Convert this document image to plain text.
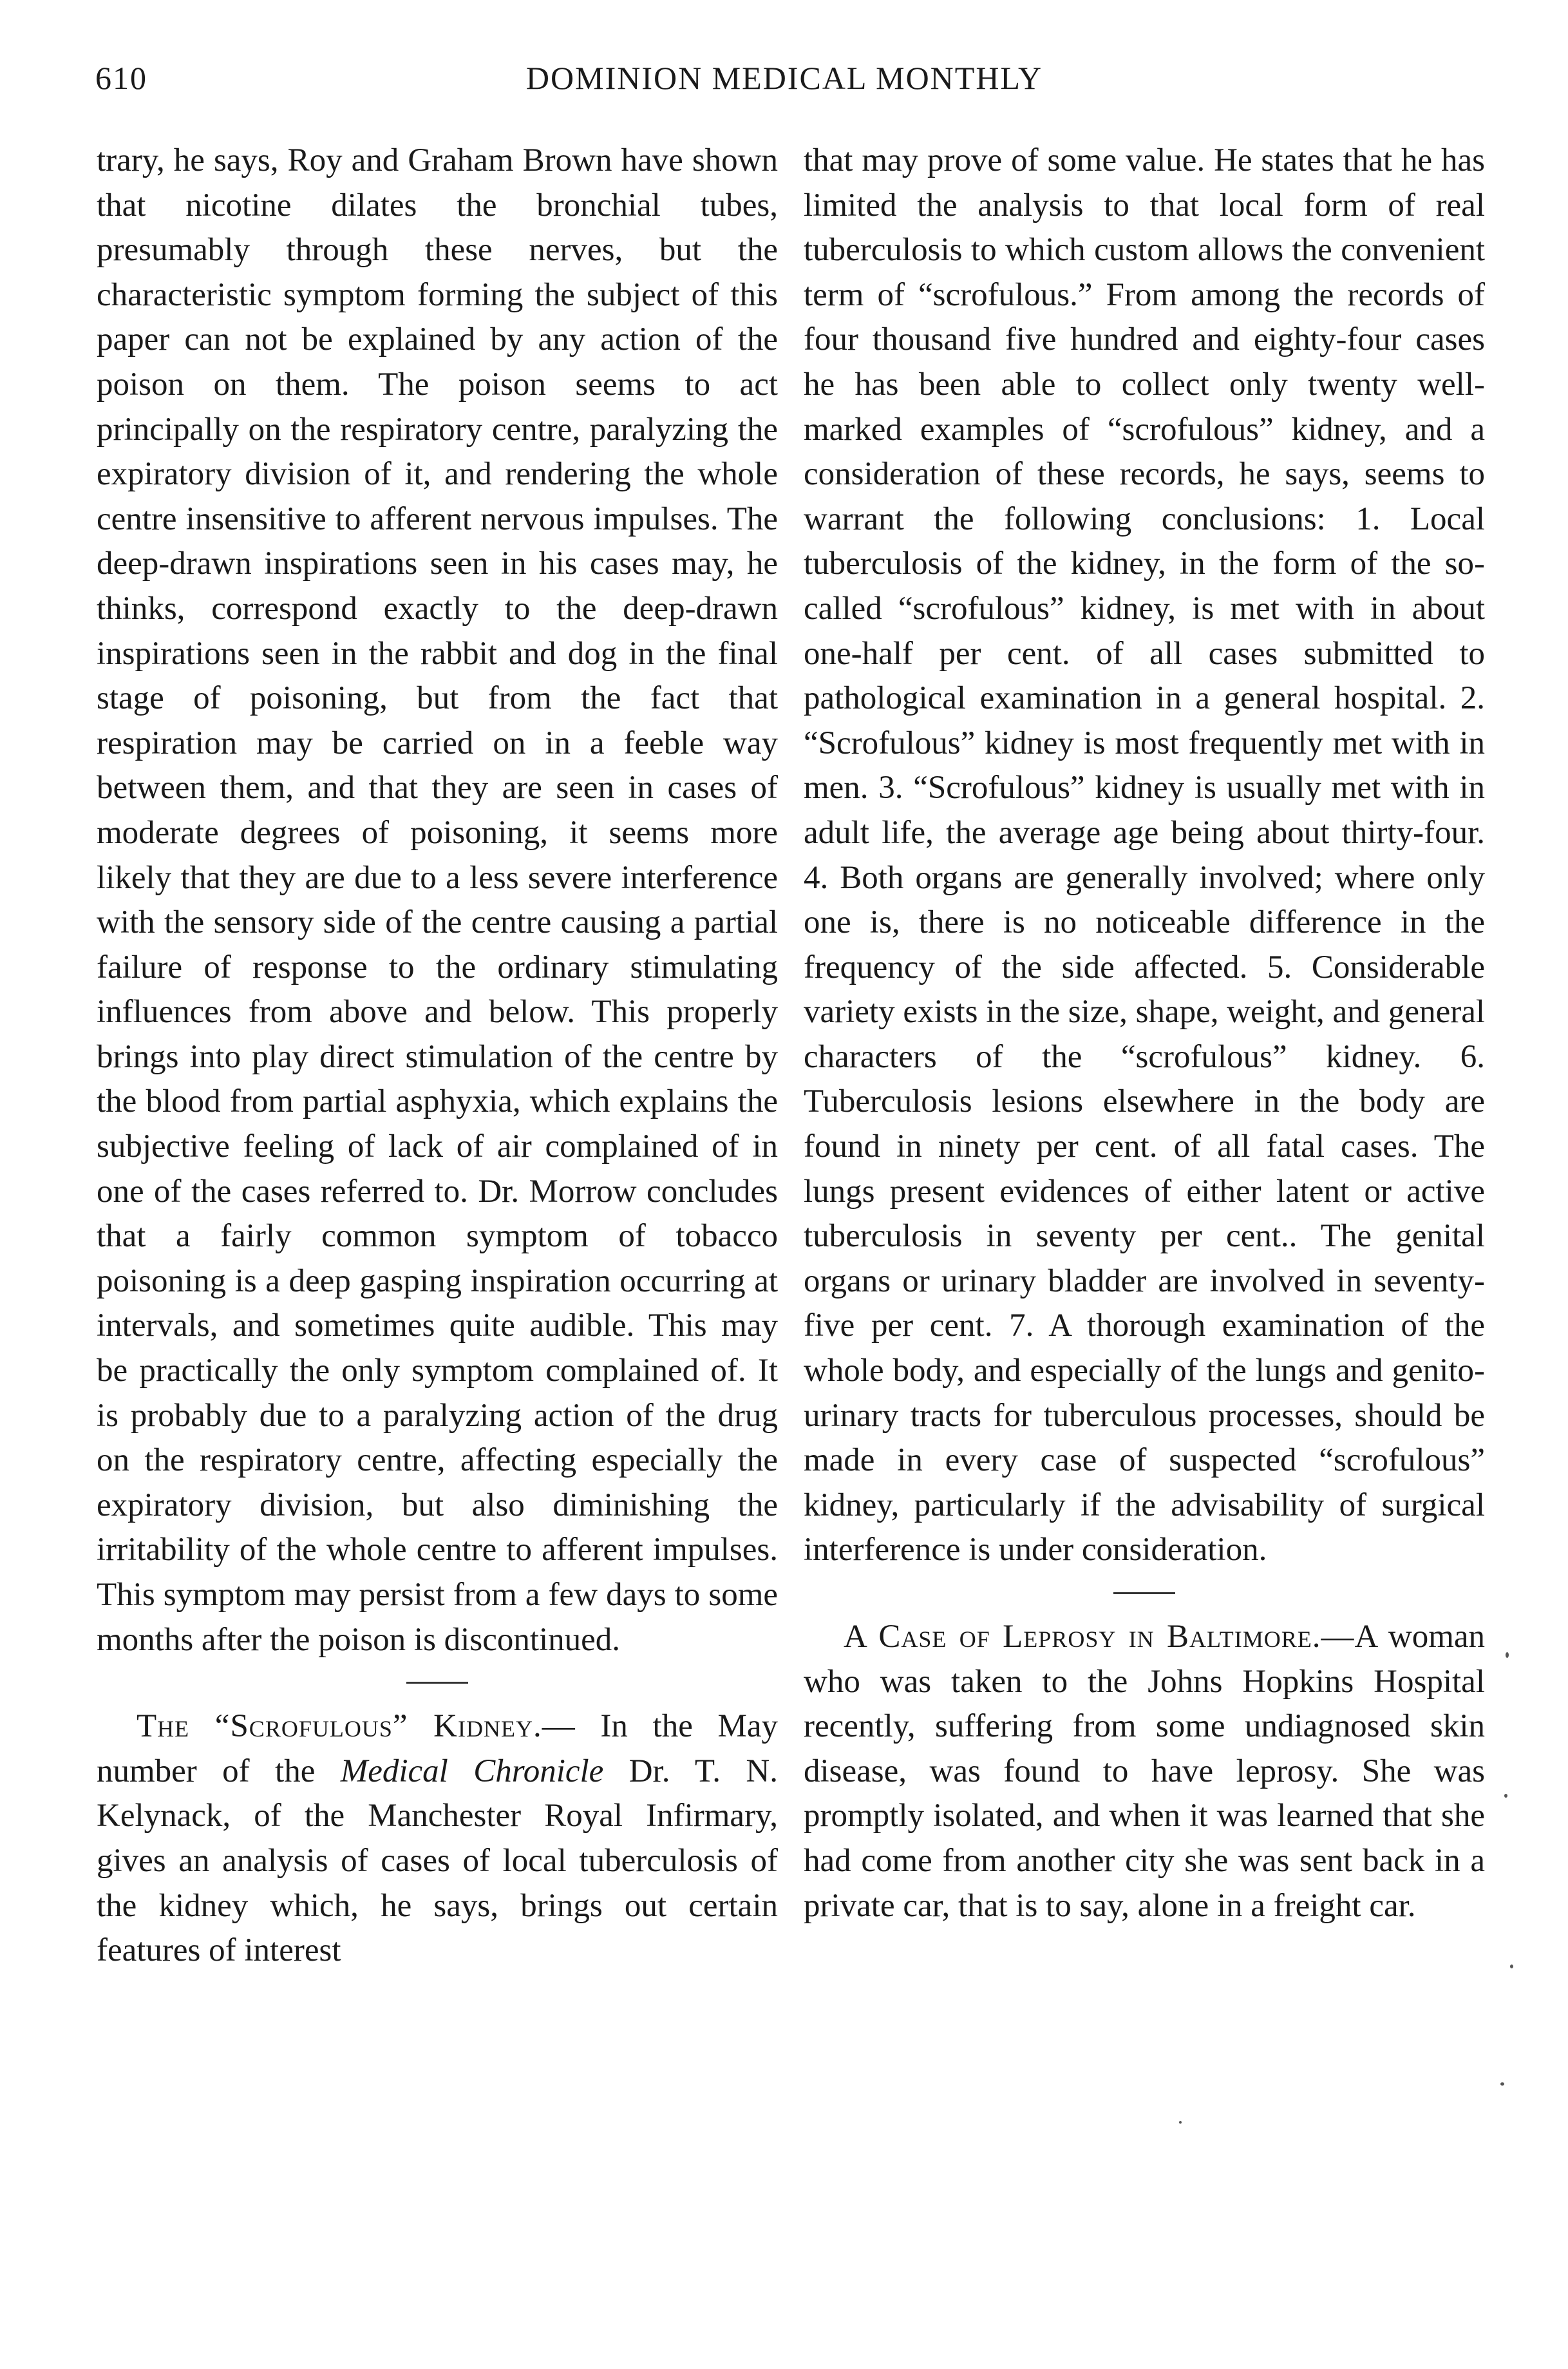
610	DOMINION MEDICAL MONTHLY

trary, he says, Roy and Graham Brown have shown that nicotine dilates the bronchial tubes, presumably through these nerves, but the characteristic symptom forming the subject of this paper can not be explained by any action of the poison on them. The poison seems to act principally on the respiratory centre, paralyzing the expiratory division of it, and rendering the whole centre insensitive to afferent nervous impulses. The deep-drawn inspirations seen in his cases may, he thinks, correspond exactly to the deep-drawn inspirations seen in the rabbit and dog in the final stage of poisoning, but from the fact that respiration may be carried on in a feeble way between them, and that they are seen in cases of moderate degrees of poisoning, it seems more likely that they are due to a less severe interference with the sensory side of the centre causing a partial failure of response to the ordinary stimulating influences from above and below. This properly brings into play direct stimulation of the centre by the blood from partial asphyxia, which explains the subjective feeling of lack of air complained of in one of the cases referred to. Dr. Morrow concludes that a fairly common symptom of tobacco poisoning is a deep gasping inspiration occurring at intervals, and sometimes quite audible. This may be practically the only symptom complained of. It is probably due to a paralyzing action of the drug on the respiratory centre, affecting especially the expiratory division, but also diminishing the irritability of the whole centre to afferent impulses. This symptom may persist from a few days to some months after the poison is discontinued.

The “Scrofulous” Kidney.— In the May number of the Medical Chronicle Dr. T. N. Kelynack, of the Manchester Royal Infirmary, gives an analysis of cases of local tuberculosis of the kidney which, he says, brings out certain features of interest

that may prove of some value. He states that he has limited the analysis to that local form of real tuberculosis to which custom allows the convenient term of “scrofulous.” From among the records of four thousand five hundred and eighty-four cases he has been able to collect only twenty well-marked examples of “scrofulous” kidney, and a consideration of these records, he says, seems to warrant the following conclusions: 1. Local tuberculosis of the kidney, in the form of the so-called “scrofulous” kidney, is met with in about one-half per cent. of all cases submitted to pathological examination in a general hospital. 2. “Scrofulous” kidney is most frequently met with in men. 3. “Scrofulous” kidney is usually met with in adult life, the average age being about thirty-four. 4. Both organs are generally involved; where only one is, there is no noticeable difference in the frequency of the side affected. 5. Considerable variety exists in the size, shape, weight, and general characters of the “scrofulous” kidney. 6. Tuberculosis lesions elsewhere in the body are found in ninety per cent. of all fatal cases. The lungs present evidences of either latent or active tuberculosis in seventy per cent.. The genital organs or urinary bladder are involved in seventy-five per cent. 7. A thorough examination of the whole body, and especially of the lungs and genito-urinary tracts for tuberculous processes, should be made in every case of suspected “scrofulous” kidney, particularly if the advisability of surgical interference is under consideration.

A Case of Leprosy in Baltimore.—A woman who was taken to the Johns Hopkins Hospital recently, suffering from some undiagnosed skin disease, was found to have leprosy. She was promptly isolated, and when it was learned that she had come from another city she was sent back in a private car, that is to say, alone in a freight car.
